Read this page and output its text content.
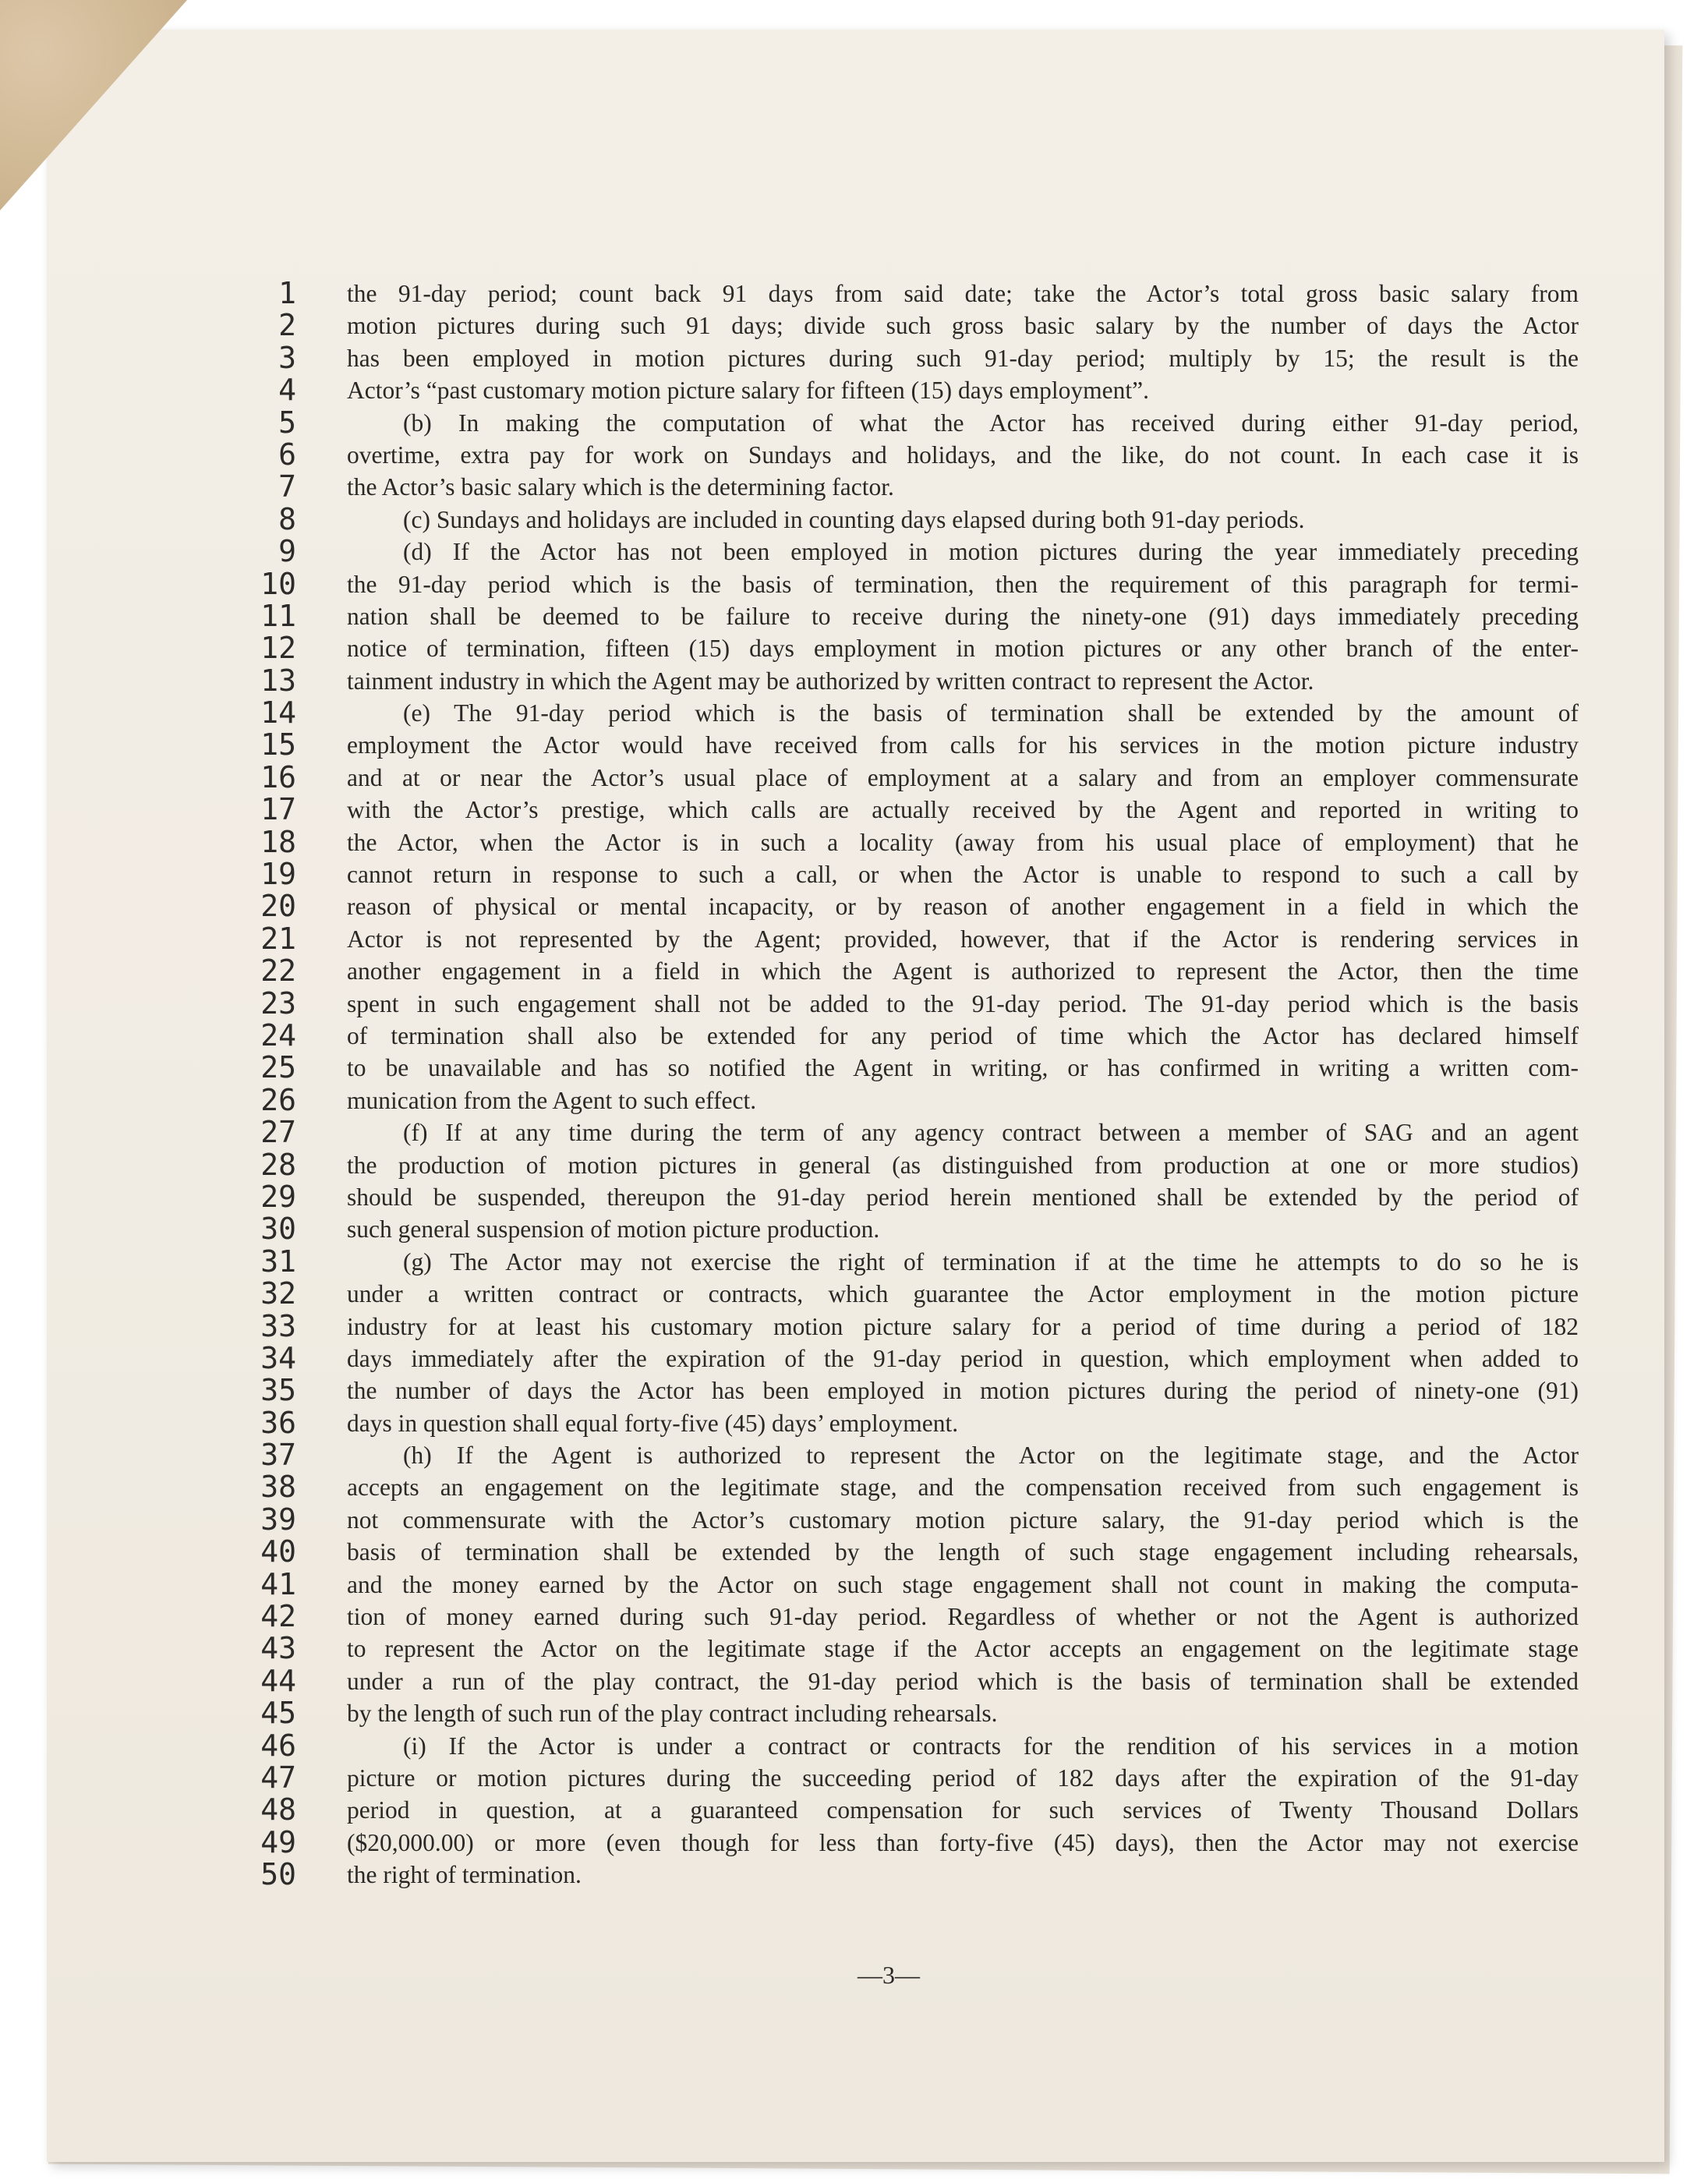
1
2
3
4
5
6
7
8
9
10
11
12
13
14
15
16
17
18
19
20
21
22
23
24
25
26
27
28
29
30
31
32
33
34
35
36
37
38
39
40
41
42
43
44
45
46
47
48
49
50
the 91-day period; count back 91 days from said date; take the Actor’s total gross basic salary from
motion pictures during such 91 days; divide such gross basic salary by the number of days the Actor
has been employed in motion pictures during such 91-day period; multiply by 15; the result is the
Actor’s “past customary motion picture salary for fifteen (15) days employment”.
(b) In making the computation of what the Actor has received during either 91-day period,
overtime, extra pay for work on Sundays and holidays, and the like, do not count. In each case it is
the Actor’s basic salary which is the determining factor.
(c) Sundays and holidays are included in counting days elapsed during both 91-day periods.
(d) If the Actor has not been employed in motion pictures during the year immediately preceding
the 91-day period which is the basis of termination, then the requirement of this paragraph for termi-
nation shall be deemed to be failure to receive during the ninety-one (91) days immediately preceding
notice of termination, fifteen (15) days employment in motion pictures or any other branch of the enter-
tainment industry in which the Agent may be authorized by written contract to represent the Actor.
(e) The 91-day period which is the basis of termination shall be extended by the amount of
employment the Actor would have received from calls for his services in the motion picture industry
and at or near the Actor’s usual place of employment at a salary and from an employer commensurate
with the Actor’s prestige, which calls are actually received by the Agent and reported in writing to
the Actor, when the Actor is in such a locality (away from his usual place of employment) that he
cannot return in response to such a call, or when the Actor is unable to respond to such a call by
reason of physical or mental incapacity, or by reason of another engagement in a field in which the
Actor is not represented by the Agent; provided, however, that if the Actor is rendering services in
another engagement in a field in which the Agent is authorized to represent the Actor, then the time
spent in such engagement shall not be added to the 91-day period. The 91-day period which is the basis
of termination shall also be extended for any period of time which the Actor has declared himself
to be unavailable and has so notified the Agent in writing, or has confirmed in writing a written com-
munication from the Agent to such effect.
(f) If at any time during the term of any agency contract between a member of SAG and an agent
the production of motion pictures in general (as distinguished from production at one or more studios)
should be suspended, thereupon the 91-day period herein mentioned shall be extended by the period of
such general suspension of motion picture production.
(g) The Actor may not exercise the right of termination if at the time he attempts to do so he is
under a written contract or contracts, which guarantee the Actor employment in the motion picture
industry for at least his customary motion picture salary for a period of time during a period of 182
days immediately after the expiration of the 91-day period in question, which employment when added to
the number of days the Actor has been employed in motion pictures during the period of ninety-one (91)
days in question shall equal forty-five (45) days’ employment.
(h) If the Agent is authorized to represent the Actor on the legitimate stage, and the Actor
accepts an engagement on the legitimate stage, and the compensation received from such engagement is
not commensurate with the Actor’s customary motion picture salary, the 91-day period which is the
basis of termination shall be extended by the length of such stage engagement including rehearsals,
and the money earned by the Actor on such stage engagement shall not count in making the computa-
tion of money earned during such 91-day period. Regardless of whether or not the Agent is authorized
to represent the Actor on the legitimate stage if the Actor accepts an engagement on the legitimate stage
under a run of the play contract, the 91-day period which is the basis of termination shall be extended
by the length of such run of the play contract including rehearsals.
(i) If the Actor is under a contract or contracts for the rendition of his services in a motion
picture or motion pictures during the succeeding period of 182 days after the expiration of the 91-day
period in question, at a guaranteed compensation for such services of Twenty Thousand Dollars
($20,000.00) or more (even though for less than forty-five (45) days), then the Actor may not exercise
the right of termination.
—3—
